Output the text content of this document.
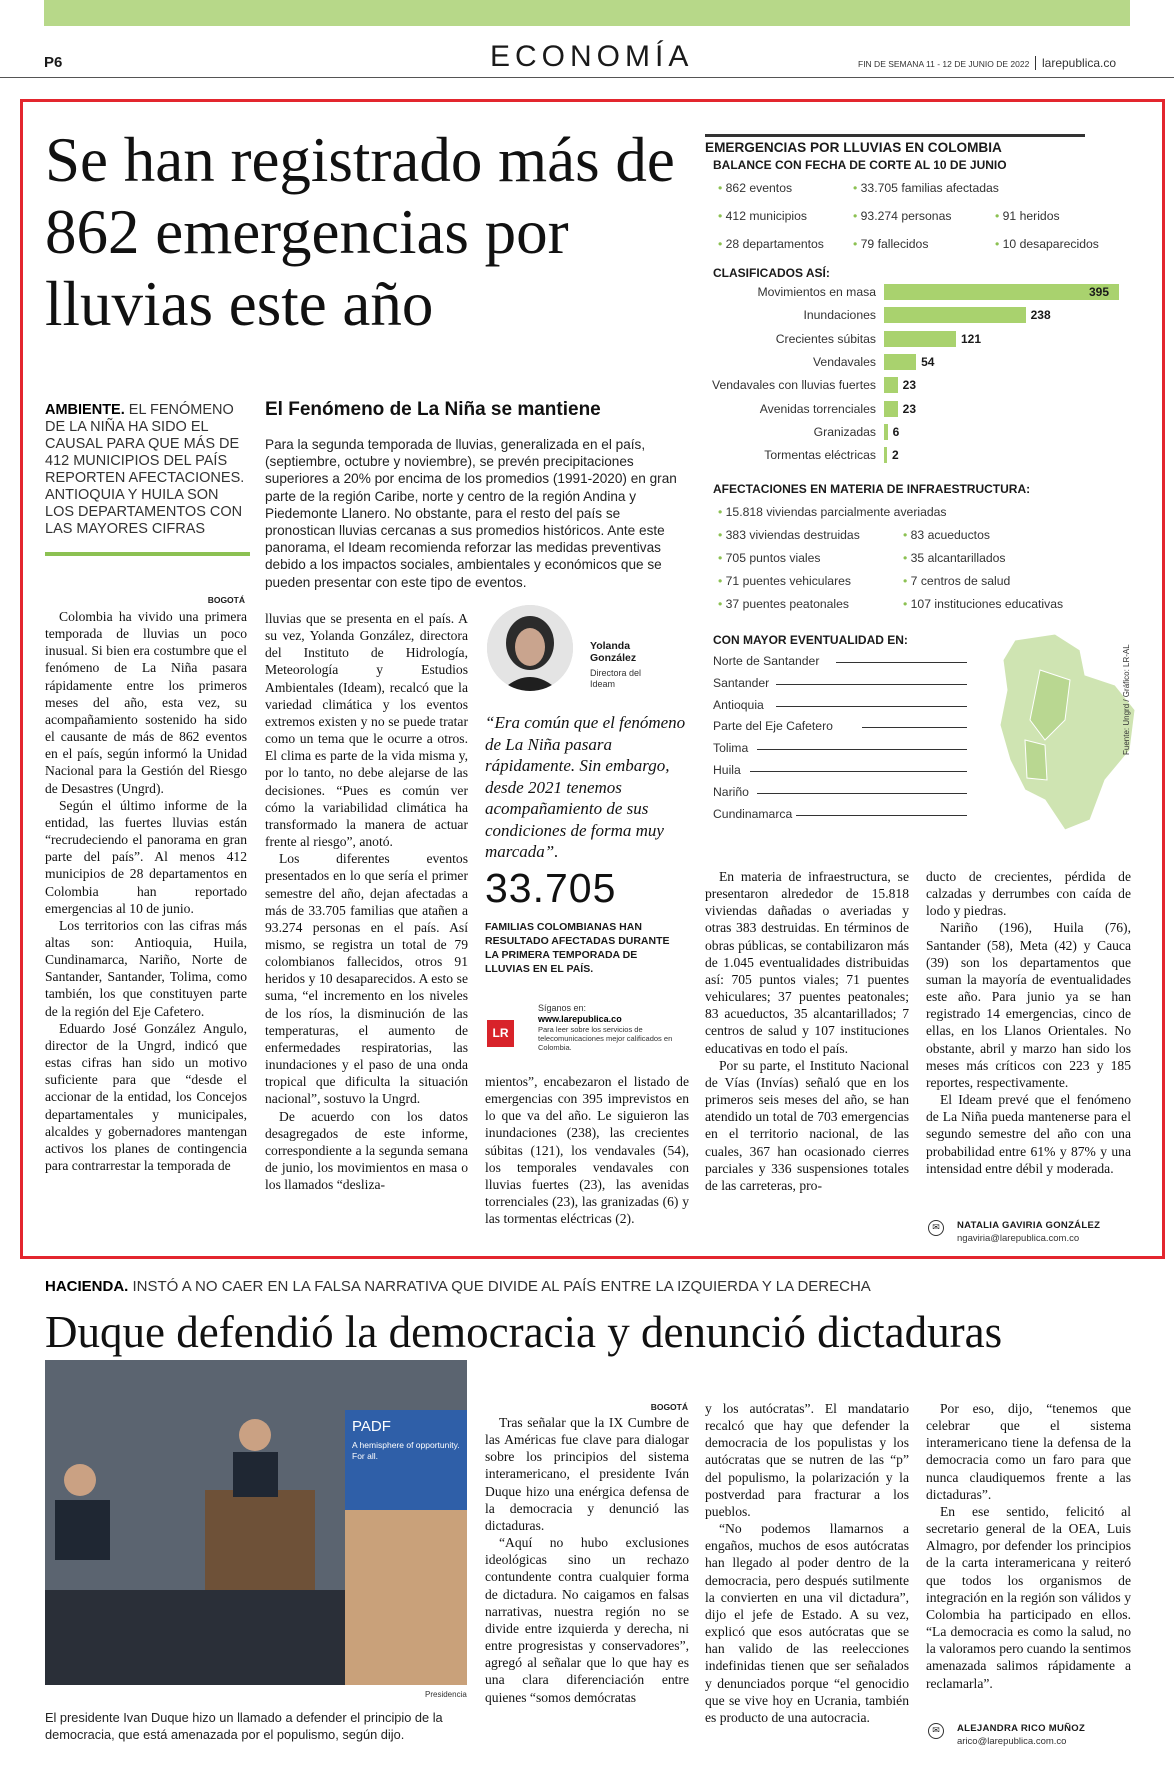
P6	ECONOMÍA	FIN DE SEMANA 11 - 12 DE JUNIO DE 2022	larepublica.co
Se han registrado más de 862 emergencias por lluvias este año
AMBIENTE. EL FENÓMENO DE LA NIÑA HA SIDO EL CAUSAL PARA QUE MÁS DE 412 MUNICIPIOS DEL PAÍS REPORTEN AFECTACIONES. ANTIOQUIA Y HUILA SON LOS DEPARTAMENTOS CON LAS MAYORES CIFRAS
El Fenómeno de La Niña se mantiene
Para la segunda temporada de lluvias, generalizada en el país, (septiembre, octubre y noviembre), se prevén precipitaciones superiores a 20% por encima de los promedios (1991-2020) en gran parte de la región Caribe, norte y centro de la región Andina y Piedemonte Llanero. No obstante, para el resto del país se pronostican lluvias cercanas a sus promedios históricos. Ante este panorama, el Ideam recomienda reforzar las medidas preventivas debido a los impactos sociales, ambientales y económicos que se pueden presentar con este tipo de eventos.
BOGOTÁ

Colombia ha vivido una primera temporada de lluvias un poco inusual. Si bien era costumbre que el fenómeno de La Niña pasara rápidamente entre los primeros meses del año, esta vez, su acompañamiento sostenido ha sido el causante de más de 862 eventos en el país, según informó la Unidad Nacional para la Gestión del Riesgo de Desastres (Ungrd).

Según el último informe de la entidad, las fuertes lluvias están “recrudeciendo el panorama en gran parte del país”. Al menos 412 municipios de 28 departamentos en Colombia han reportado emergencias al 10 de junio.

Los territorios con las cifras más altas son: Antioquia, Huila, Cundinamarca, Nariño, Norte de Santander, Santander, Tolima, como también, los que constituyen parte de la región del Eje Cafetero.

Eduardo José González Angulo, director de la Ungrd, indicó que estas cifras han sido un motivo suficiente para que “desde el accionar de la entidad, los Concejos departamentales y municipales, alcaldes y gobernadores mantengan activos los planes de contingencia para contrarrestar la temporada de

lluvias que se presenta en el país. A su vez, Yolanda González, directora del Instituto de Hidrología, Meteorología y Estudios Ambientales (Ideam), recalcó que la variedad climática y los eventos extremos existen y no se puede tratar como un tema que le ocurre a otros. El clima es parte de la vida misma y, por lo tanto, no debe alejarse de las decisiones. “Pues es común ver cómo la variabilidad climática ha transformado la manera de actuar frente al riesgo”, anotó.

Los diferentes eventos presentados en lo que sería el primer semestre del año, dejan afectadas a más de 33.705 familias que atañen a 93.274 personas en el país. Así mismo, se registra un total de 79 colombianos fallecidos, otros 91 heridos y 10 desaparecidos. A esto se suma, “el incremento en los niveles de los ríos, la disminución de las temperaturas, el aumento de enfermedades respiratorias, las inundaciones y el paso de una onda tropical que dificulta la situación nacional”, sostuvo la Ungrd.

De acuerdo con los datos desagregados de este informe, correspondiente a la segunda semana de junio, los movimientos en masa o los llamados “desliza-

Yolanda González
Directora del Ideam
“Era común que el fenómeno de La Niña pasara rápidamente. Sin embargo, desde 2021 tenemos acompañamiento de sus condiciones de forma muy marcada”.
33.705
FAMILIAS COLOMBIANAS HAN RESULTADO AFECTADAS DURANTE LA PRIMERA TEMPORADA DE LLUVIAS EN EL PAÍS.
LR
Síganos en:
www.larepublica.co
Para leer sobre los servicios de telecomunicaciones mejor calificados en Colombia.

mientos”, encabezaron el listado de emergencias con 395 imprevistos en lo que va del año. Le siguieron las inundaciones (238), las crecientes súbitas (121), los vendavales (54), los temporales vendavales con lluvias fuertes (23), las avenidas torrenciales (23), las granizadas (6) y las tormentas eléctricas (2).

En materia de infraestructura, se presentaron alrededor de 15.818 viviendas dañadas o averiadas y otras 383 destruidas. En términos de obras públicas, se contabilizaron más de 1.045 eventualidades distribuidas así: 705 puntos viales; 71 puentes vehiculares; 37 puentes peatonales; 83 acueductos, 35 alcantarillados; 7 centros de salud y 107 instituciones educativas en todo el país.

Por su parte, el Instituto Nacional de Vías (Invías) señaló que en los primeros seis meses del año, se han atendido un total de 703 emergencias en el territorio nacional, de las cuales, 367 han ocasionado cierres parciales y 336 suspensiones totales de las carreteras, pro-

ducto de crecientes, pérdida de calzadas y derrumbes con caída de lodo y piedras.

Nariño (196), Huila (76), Santander (58), Meta (42) y Cauca (39) son los departamentos que suman la mayoría de eventualidades este año. Para junio ya se han registrado 14 emergencias, cinco de ellas, en los Llanos Orientales. No obstante, abril y marzo han sido los meses más críticos con 223 y 185 reportes, respectivamente.

El Ideam prevé que el fenómeno de La Niña pueda mantenerse para el segundo semestre del año con una probabilidad entre 61% y 87% y una intensidad entre débil y moderada.

✉	NATALIA GAVIRIA GONZÁLEZ
ngaviria@larepublica.com.co
EMERGENCIAS POR LLUVIAS EN COLOMBIA
BALANCE CON FECHA DE CORTE AL 10 DE JUNIO
• 862 eventos	• 33.705 familias afectadas
• 412 municipios	• 93.274 personas	• 91 heridos
• 28 departamentos • 79 fallecidos	• 10 desaparecidos
CLASIFICADOS ASÍ:
Movimientos en masa	395
Inundaciones	238
Crecientes súbitas	121
Vendavales	54
Vendavales con lluvias fuertes 23
Avenidas torrenciales 23
Granizadas 6
Tormentas eléctricas 2
AFECTACIONES EN MATERIA DE INFRAESTRUCTURA:
• 15.818 viviendas parcialmente averiadas
• 383 viviendas destruidas	• 83 acueductos
• 705 puntos viales	• 35 alcantarillados
• 71 puentes vehiculares	• 7 centros de salud
• 37 puentes peatonales	• 107 instituciones educativas
CON MAYOR EVENTUALIDAD EN:
Norte de Santander
Santander
Antioquia
Parte del Eje Cafetero
Tolima
Huila
Nariño
Cundinamarca
Fuente: Ungrd / Gráfico: LR-AL
HACIENDA. INSTÓ A NO CAER EN LA FALSA NARRATIVA QUE DIVIDE AL PAÍS ENTRE LA IZQUIERDA Y LA DERECHA
Duque defendió la democracia y denunció dictaduras
PADF
A hemisphere of opportunity. For all.
Presidencia
El presidente Ivan Duque hizo un llamado a defender el principio de la democracia, que está amenazada por el populismo, según dijo.
BOGOTÁ

Tras señalar que la IX Cumbre de las Américas fue clave para dialogar sobre los principios del sistema interamericano, el presidente Iván Duque hizo una enérgica defensa de la democracia y denunció las dictaduras.

“Aquí no hubo exclusiones ideológicas sino un rechazo contundente contra cualquier forma de dictadura. No caigamos en falsas narrativas, nuestra región no se divide entre izquierda y derecha, ni entre progresistas y conservadores”, agregó al señalar que lo que hay es una clara diferenciación entre quienes “somos demócratas

y los autócratas”. El mandatario recalcó que hay que defender la democracia de los populistas y los autócratas que se nutren de las “p” del populismo, la polarización y la postverdad para fracturar a los pueblos.

“No podemos llamarnos a engaños, muchos de esos autócratas han llegado al poder dentro de la democracia, pero después sutilmente la convierten en una vil dictadura”, dijo el jefe de Estado. A su vez, explicó que esos autócratas que se han valido de las reelecciones indefinidas tienen que ser señalados y denunciados porque “el genocidio que se vive hoy en Ucrania, también es producto de una autocracia.

Por eso, dijo, “tenemos que celebrar que el sistema interamericano tiene la defensa de la democracia como un faro para que nunca claudiquemos frente a las dictaduras”.

En ese sentido, felicitó al secretario general de la OEA, Luis Almagro, por defender los principios de la carta interamericana y reiteró que todos los organismos de integración en la región son válidos y Colombia ha participado en ellos. “La democracia es como la salud, no la valoramos pero cuando la sentimos amenazada salimos rápidamente a reclamarla”.

✉	ALEJANDRA RICO MUÑOZ
arico@larepublica.com.co
